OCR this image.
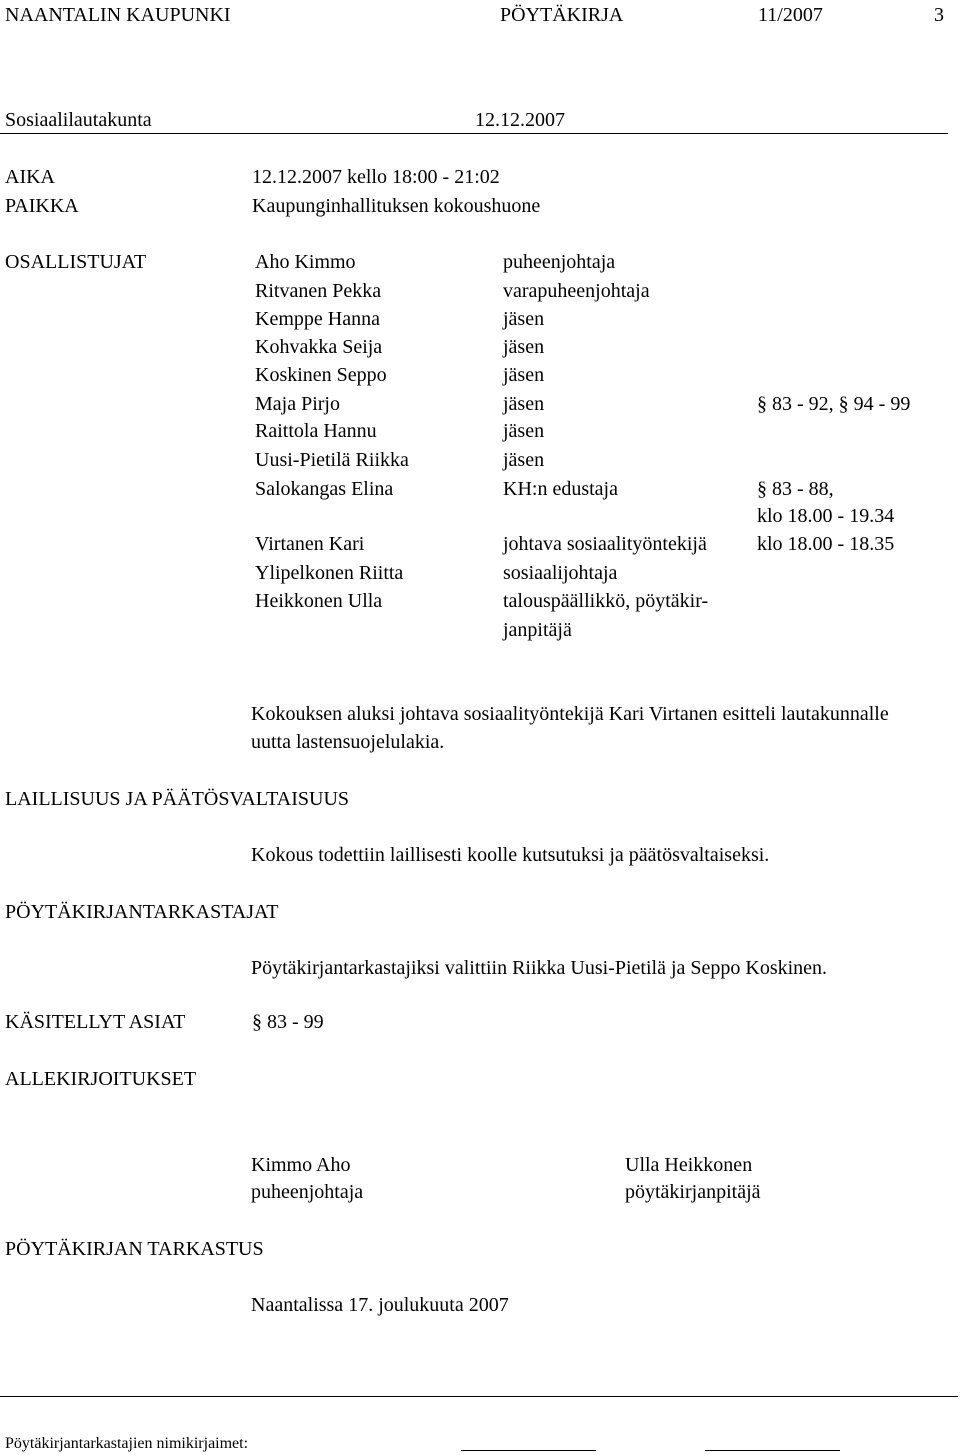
NAANTALIN KAUPUNKI	PÖYTÄKIRJA	11/2007	3
Sosiaalilautakunta	12.12.2007
AIKA	12.12.2007 kello 18:00 - 21:02
PAIKKA	Kaupunginhallituksen kokoushuone
OSALLISTUJAT	Aho Kimmo	puheenjohtaja
Ritvanen Pekka	varapuheenjohtaja
Kemppe Hanna	jäsen
Kohvakka Seija	jäsen
Koskinen Seppo	jäsen
Maja Pirjo	jäsen	§ 83 - 92, § 94 - 99
Raittola Hannu	jäsen
Uusi-Pietilä Riikka	jäsen
Salokangas Elina	KH:n edustaja	§ 83 - 88,
klo 18.00 - 19.34
Virtanen Kari	johtava sosiaalityöntekijä	klo 18.00 - 18.35
Ylipelkonen Riitta	sosiaalijohtaja
Heikkonen Ulla	talouspäällikkö, pöytäkir-
janpitäjä
Kokouksen aluksi johtava sosiaalityöntekijä Kari Virtanen esitteli lautakunnalle
uutta lastensuojelulakia.
LAILLISUUS JA PÄÄTÖSVALTAISUUS
Kokous todettiin laillisesti koolle kutsutuksi ja päätösvaltaiseksi.
PÖYTÄKIRJANTARKASTAJAT
Pöytäkirjantarkastajiksi valittiin Riikka Uusi-Pietilä ja Seppo Koskinen.
KÄSITELLYT ASIAT	§ 83 - 99
ALLEKIRJOITUKSET
Kimmo Aho
puheenjohtaja
Ulla Heikkonen
pöytäkirjanpitäjä
PÖYTÄKIRJAN TARKASTUS
Naantalissa 17. joulukuuta 2007
Pöytäkirjantarkastajien nimikirjaimet:
